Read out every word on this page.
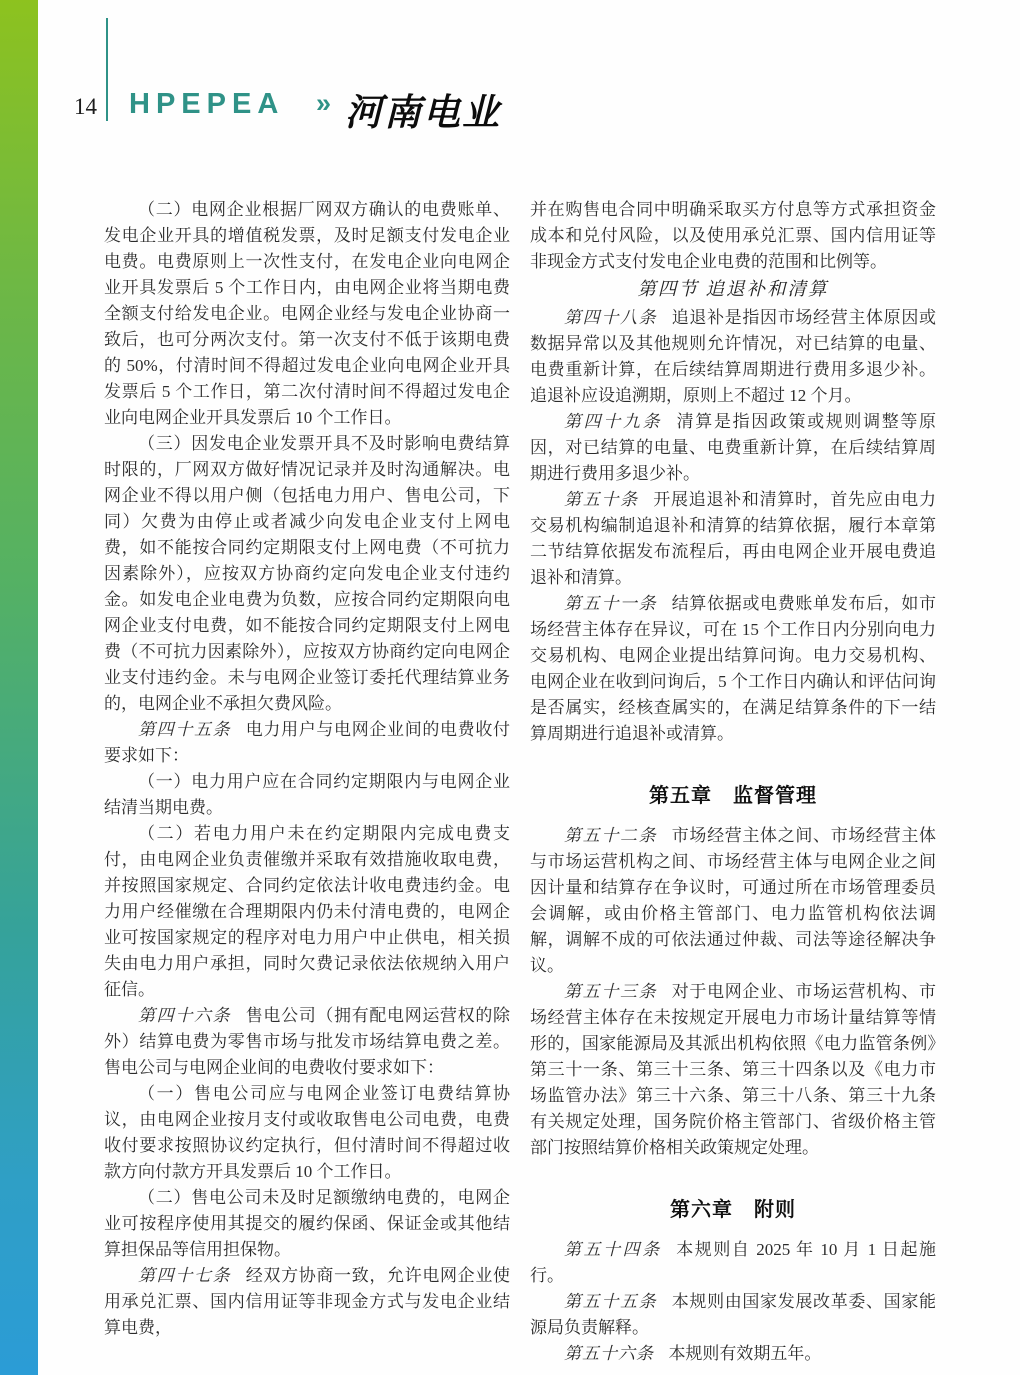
14 HPEPEA » 河南电业

（二）电网企业根据厂网双方确认的电费账单、发电企业开具的增值税发票，及时足额支付发电企业电费。电费原则上一次性支付，在发电企业向电网企业开具发票后 5 个工作日内，由电网企业将当期电费全额支付给发电企业。电网企业经与发电企业协商一致后，也可分两次支付。第一次支付不低于该期电费的 50%，付清时间不得超过发电企业向电网企业开具发票后 5 个工作日，第二次付清时间不得超过发电企业向电网企业开具发票后 10 个工作日。

（三）因发电企业发票开具不及时影响电费结算时限的，厂网双方做好情况记录并及时沟通解决。电网企业不得以用户侧（包括电力用户、售电公司，下同）欠费为由停止或者减少向发电企业支付上网电费，如不能按合同约定期限支付上网电费（不可抗力因素除外），应按双方协商约定向发电企业支付违约金。如发电企业电费为负数，应按合同约定期限向电网企业支付电费，如不能按合同约定期限支付上网电费（不可抗力因素除外），应按双方协商约定向电网企业支付违约金。未与电网企业签订委托代理结算业务的，电网企业不承担欠费风险。

第四十五条 电力用户与电网企业间的电费收付要求如下：

（一）电力用户应在合同约定期限内与电网企业结清当期电费。

（二）若电力用户未在约定期限内完成电费支付，由电网企业负责催缴并采取有效措施收取电费，并按照国家规定、合同约定依法计收电费违约金。电力用户经催缴在合理期限内仍未付清电费的，电网企业可按国家规定的程序对电力用户中止供电，相关损失由电力用户承担，同时欠费记录依法依规纳入用户征信。

第四十六条 售电公司（拥有配电网运营权的除外）结算电费为零售市场与批发市场结算电费之差。售电公司与电网企业间的电费收付要求如下：

（一）售电公司应与电网企业签订电费结算协议，由电网企业按月支付或收取售电公司电费，电费收付要求按照协议约定执行，但付清时间不得超过收款方向付款方开具发票后 10 个工作日。

（二）售电公司未及时足额缴纳电费的，电网企业可按程序使用其提交的履约保函、保证金或其他结算担保品等信用担保物。

第四十七条 经双方协商一致，允许电网企业使用承兑汇票、国内信用证等非现金方式与发电企业结算电费，

并在购售电合同中明确采取买方付息等方式承担资金成本和兑付风险，以及使用承兑汇票、国内信用证等非现金方式支付发电企业电费的范围和比例等。

第四节 追退补和清算

第四十八条 追退补是指因市场经营主体原因或数据异常以及其他规则允许情况，对已结算的电量、电费重新计算，在后续结算周期进行费用多退少补。追退补应设追溯期，原则上不超过 12 个月。

第四十九条 清算是指因政策或规则调整等原因，对已结算的电量、电费重新计算，在后续结算周期进行费用多退少补。

第五十条 开展追退补和清算时，首先应由电力交易机构编制追退补和清算的结算依据，履行本章第二节结算依据发布流程后，再由电网企业开展电费追退补和清算。

第五十一条 结算依据或电费账单发布后，如市场经营主体存在异议，可在 15 个工作日内分别向电力交易机构、电网企业提出结算问询。电力交易机构、电网企业在收到问询后，5 个工作日内确认和评估问询是否属实，经核查属实的，在满足结算条件的下一结算周期进行追退补或清算。

第五章　监督管理

第五十二条 市场经营主体之间、市场经营主体与市场运营机构之间、市场经营主体与电网企业之间因计量和结算存在争议时，可通过所在市场管理委员会调解，或由价格主管部门、电力监管机构依法调解，调解不成的可依法通过仲裁、司法等途径解决争议。

第五十三条 对于电网企业、市场运营机构、市场经营主体存在未按规定开展电力市场计量结算等情形的，国家能源局及其派出机构依照《电力监管条例》第三十一条、第三十三条、第三十四条以及《电力市场监管办法》第三十六条、第三十八条、第三十九条有关规定处理，国务院价格主管部门、省级价格主管部门按照结算价格相关政策规定处理。

第六章　附则

第五十四条 本规则自 2025 年 10 月 1 日起施行。

第五十五条 本规则由国家发展改革委、国家能源局负责解释。

第五十六条 本规则有效期五年。
